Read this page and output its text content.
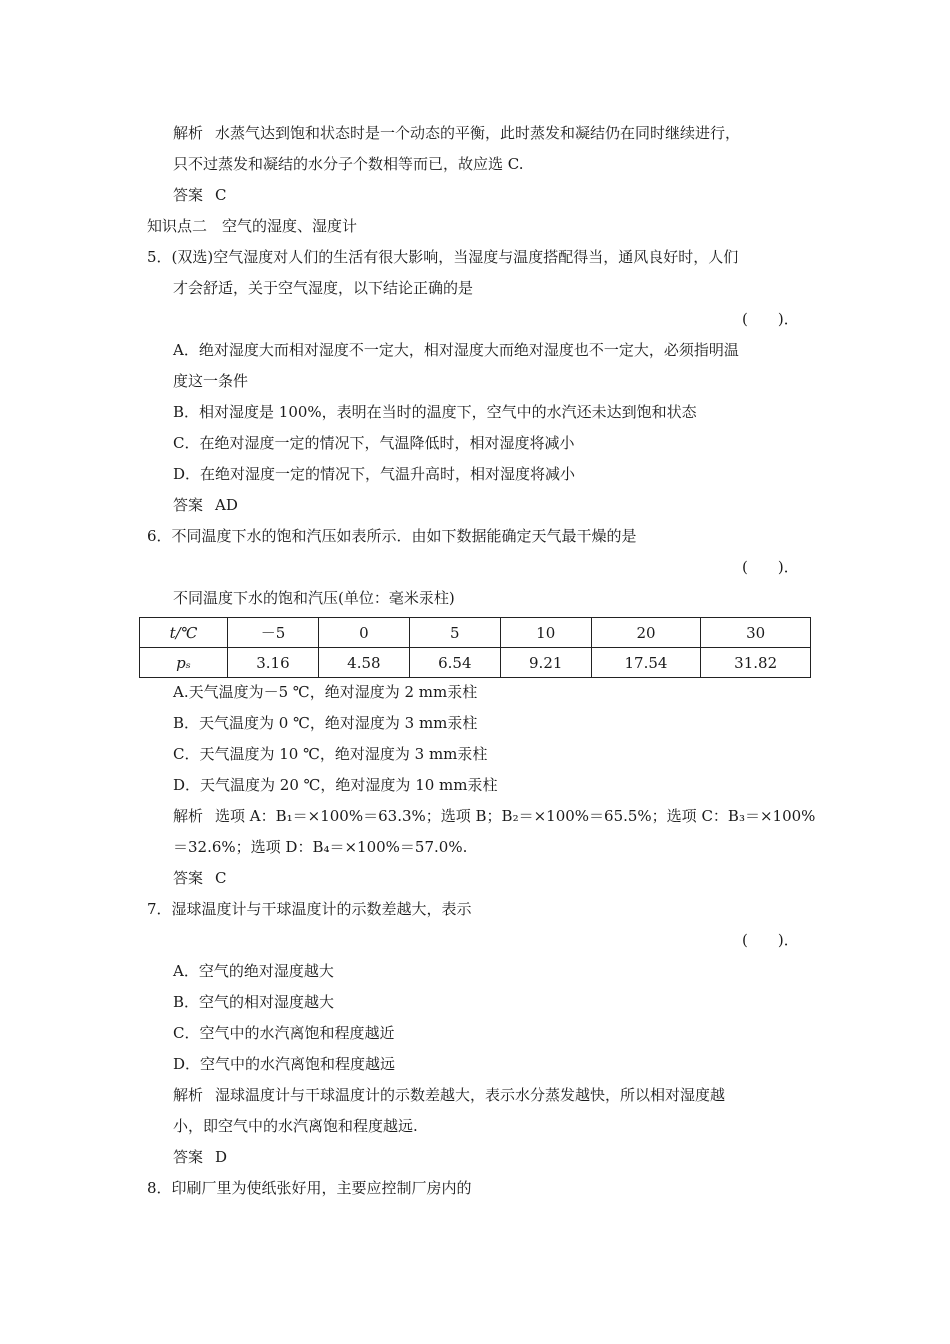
解析 水蒸气达到饱和状态时是一个动态的平衡，此时蒸发和凝结仍在同时继续进行，
只不过蒸发和凝结的水分子个数相等而已，故应选 C.
答案 C
知识点二　空气的湿度、湿度计
5．(双选)空气湿度对人们的生活有很大影响，当湿度与温度搭配得当，通风良好时，人们
才会舒适，关于空气湿度，以下结论正确的是
(　　)．
A．绝对湿度大而相对湿度不一定大，相对湿度大而绝对湿度也不一定大，必须指明温
度这一条件
B．相对湿度是 100%，表明在当时的温度下，空气中的水汽还未达到饱和状态
C．在绝对湿度一定的情况下，气温降低时，相对湿度将减小
D．在绝对湿度一定的情况下，气温升高时，相对湿度将减小
答案 AD
6．不同温度下水的饱和汽压如表所示．由如下数据能确定天气最干燥的是
(　　)．
不同温度下水的饱和汽压(单位：毫米汞柱)
A.天气温度为－5 ℃，绝对湿度为 2 mm汞柱
B．天气温度为 0 ℃，绝对湿度为 3 mm汞柱
C．天气温度为 10 ℃，绝对湿度为 3 mm汞柱
D．天气温度为 20 ℃，绝对湿度为 10 mm汞柱
解析 选项 A：B₁＝×100%＝63.3%；选项 B；B₂＝×100%＝65.5%；选项 C：B₃＝×100%
＝32.6%；选项 D：B₄＝×100%＝57.0%.
答案 C
7．湿球温度计与干球温度计的示数差越大，表示
(　　)．
A．空气的绝对湿度越大
B．空气的相对湿度越大
C．空气中的水汽离饱和程度越近
D．空气中的水汽离饱和程度越远
解析 湿球温度计与干球温度计的示数差越大，表示水分蒸发越快，所以相对湿度越
小，即空气中的水汽离饱和程度越远.
答案 D
8．印刷厂里为使纸张好用，主要应控制厂房内的
t/℃	－5	0	5	10	20	30
pₛ	3.16	4.58	6.54	9.21	17.54	31.82
